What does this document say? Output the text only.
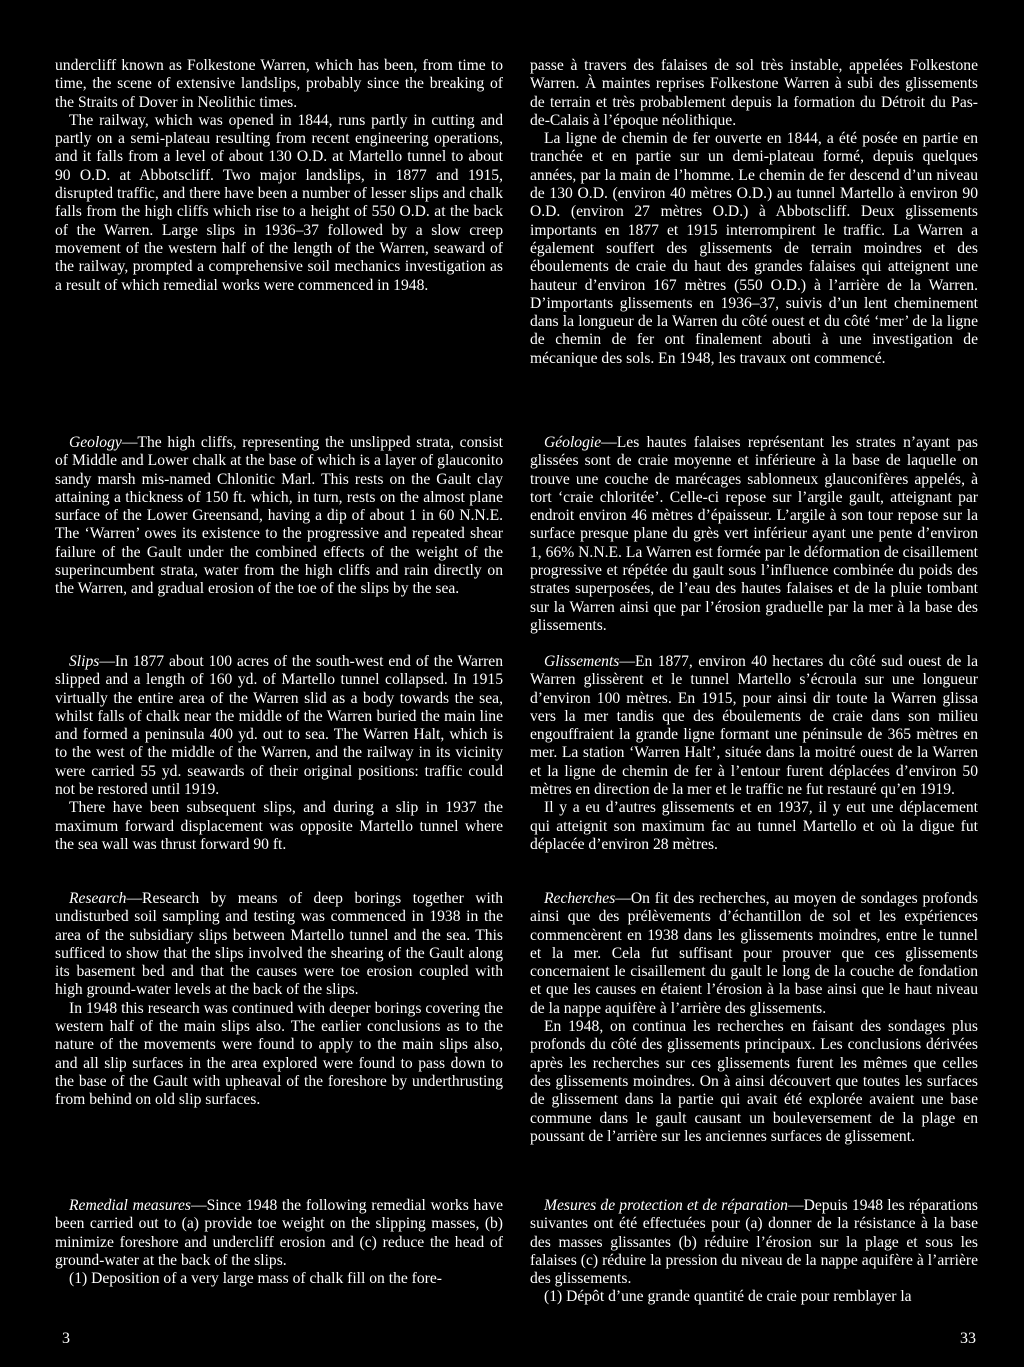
undercliff known as Folkestone Warren, which has been, from time to time, the scene of extensive landslips, probably since the breaking of the Straits of Dover in Neolithic times.

The railway, which was opened in 1844, runs partly in cutting and partly on a semi-plateau resulting from recent engineering operations, and it falls from a level of about 130 O.D. at Martello tunnel to about 90 O.D. at Abbotscliff. Two major landslips, in 1877 and 1915, disrupted traffic, and there have been a number of lesser slips and chalk falls from the high cliffs which rise to a height of 550 O.D. at the back of the Warren. Large slips in 1936–37 followed by a slow creep movement of the western half of the length of the Warren, seaward of the railway, prompted a comprehensive soil mechanics investigation as a result of which remedial works were commenced in 1948.

Geology—The high cliffs, representing the unslipped strata, consist of Middle and Lower chalk at the base of which is a layer of glauconito sandy marsh mis-named Chlonitic Marl. This rests on the Gault clay attaining a thickness of 150 ft. which, in turn, rests on the almost plane surface of the Lower Greensand, having a dip of about 1 in 60 N.N.E. The ‘Warren’ owes its existence to the progressive and repeated shear failure of the Gault under the combined effects of the weight of the superincumbent strata, water from the high cliffs and rain directly on the Warren, and gradual erosion of the toe of the slips by the sea.

Slips—In 1877 about 100 acres of the south-west end of the Warren slipped and a length of 160 yd. of Martello tunnel collapsed. In 1915 virtually the entire area of the Warren slid as a body towards the sea, whilst falls of chalk near the middle of the Warren buried the main line and formed a peninsula 400 yd. out to sea. The Warren Halt, which is to the west of the middle of the Warren, and the railway in its vicinity were carried 55 yd. seawards of their original positions: traffic could not be restored until 1919.

There have been subsequent slips, and during a slip in 1937 the maximum forward displacement was opposite Martello tunnel where the sea wall was thrust forward 90 ft.

Research—Research by means of deep borings together with undisturbed soil sampling and testing was commenced in 1938 in the area of the subsidiary slips between Martello tunnel and the sea. This sufficed to show that the slips involved the shearing of the Gault along its basement bed and that the causes were toe erosion coupled with high ground-water levels at the back of the slips.

In 1948 this research was continued with deeper borings covering the western half of the main slips also. The earlier conclusions as to the nature of the movements were found to apply to the main slips also, and all slip surfaces in the area explored were found to pass down to the base of the Gault with upheaval of the foreshore by underthrusting from behind on old slip surfaces.

Remedial measures—Since 1948 the following remedial works have been carried out to (a) provide toe weight on the slipping masses, (b) minimize foreshore and undercliff erosion and (c) reduce the head of ground-water at the back of the slips.

(1) Deposition of a very large mass of chalk fill on the fore-

passe à travers des falaises de sol très instable, appelées Folkestone Warren. À maintes reprises Folkestone Warren à subi des glissements de terrain et très probablement depuis la formation du Détroit du Pas-de-Calais à l’époque néolithique.

La ligne de chemin de fer ouverte en 1844, a été posée en partie en tranchée et en partie sur un demi-plateau formé, depuis quelques années, par la main de l’homme. Le chemin de fer descend d’un niveau de 130 O.D. (environ 40 mètres O.D.) au tunnel Martello à environ 90 O.D. (environ 27 mètres O.D.) à Abbotscliff. Deux glissements importants en 1877 et 1915 interrompirent le traffic. La Warren a également souffert des glissements de terrain moindres et des éboulements de craie du haut des grandes falaises qui atteignent une hauteur d’environ 167 mètres (550 O.D.) à l’arrière de la Warren. D’importants glissements en 1936–37, suivis d’un lent cheminement dans la longueur de la Warren du côté ouest et du côté ‘mer’ de la ligne de chemin de fer ont finalement abouti à une investigation de mécanique des sols. En 1948, les travaux ont commencé.

Géologie—Les hautes falaises représentant les strates n’ayant pas glissées sont de craie moyenne et inférieure à la base de laquelle on trouve une couche de marécages sablonneux glauconifères appelés, à tort ‘craie chloritée’. Celle-ci repose sur l’argile gault, atteignant par endroit environ 46 mètres d’épaisseur. L’argile à son tour repose sur la surface presque plane du grès vert inférieur ayant une pente d’environ 1, 66% N.N.E. La Warren est formée par le déformation de cisaillement progressive et répétée du gault sous l’influence combinée du poids des strates superposées, de l’eau des hautes falaises et de la pluie tombant sur la Warren ainsi que par l’érosion graduelle par la mer à la base des glissements.

Glissements—En 1877, environ 40 hectares du côté sud ouest de la Warren glissèrent et le tunnel Martello s’écroula sur une longueur d’environ 100 mètres. En 1915, pour ainsi dir toute la Warren glissa vers la mer tandis que des éboulements de craie dans son milieu engouffraient la grande ligne formant une péninsule de 365 mètres en mer. La station ‘Warren Halt’, située dans la moitré ouest de la Warren et la ligne de chemin de fer à l’entour furent déplacées d’environ 50 mètres en direction de la mer et le traffic ne fut restauré qu’en 1919.

Il y a eu d’autres glissements et en 1937, il y eut une déplacement qui atteignit son maximum fac au tunnel Martello et où la digue fut déplacée d’environ 28 mètres.

Recherches—On fit des recherches, au moyen de sondages profonds ainsi que des prélèvements d’échantillon de sol et les expériences commencèrent en 1938 dans les glissements moindres, entre le tunnel et la mer. Cela fut suffisant pour prouver que ces glissements concernaient le cisaillement du gault le long de la couche de fondation et que les causes en étaient l’érosion à la base ainsi que le haut niveau de la nappe aquifère à l’arrière des glissements.

En 1948, on continua les recherches en faisant des sondages plus profonds du côté des glissements principaux. Les conclusions dérivées après les recherches sur ces glissements furent les mêmes que celles des glissements moindres. On à ainsi découvert que toutes les surfaces de glissement dans la partie qui avait été explorée avaient une base commune dans le gault causant un bouleversement de la plage en poussant de l’arrière sur les anciennes surfaces de glissement.

Mesures de protection et de réparation—Depuis 1948 les réparations suivantes ont été effectuées pour (a) donner de la résistance à la base des masses glissantes (b) réduire l’érosion sur la plage et sous les falaises (c) réduire la pression du niveau de la nappe aquifère à l’arrière des glissements.

(1) Dépôt d’une grande quantité de craie pour remblayer la

3	33
